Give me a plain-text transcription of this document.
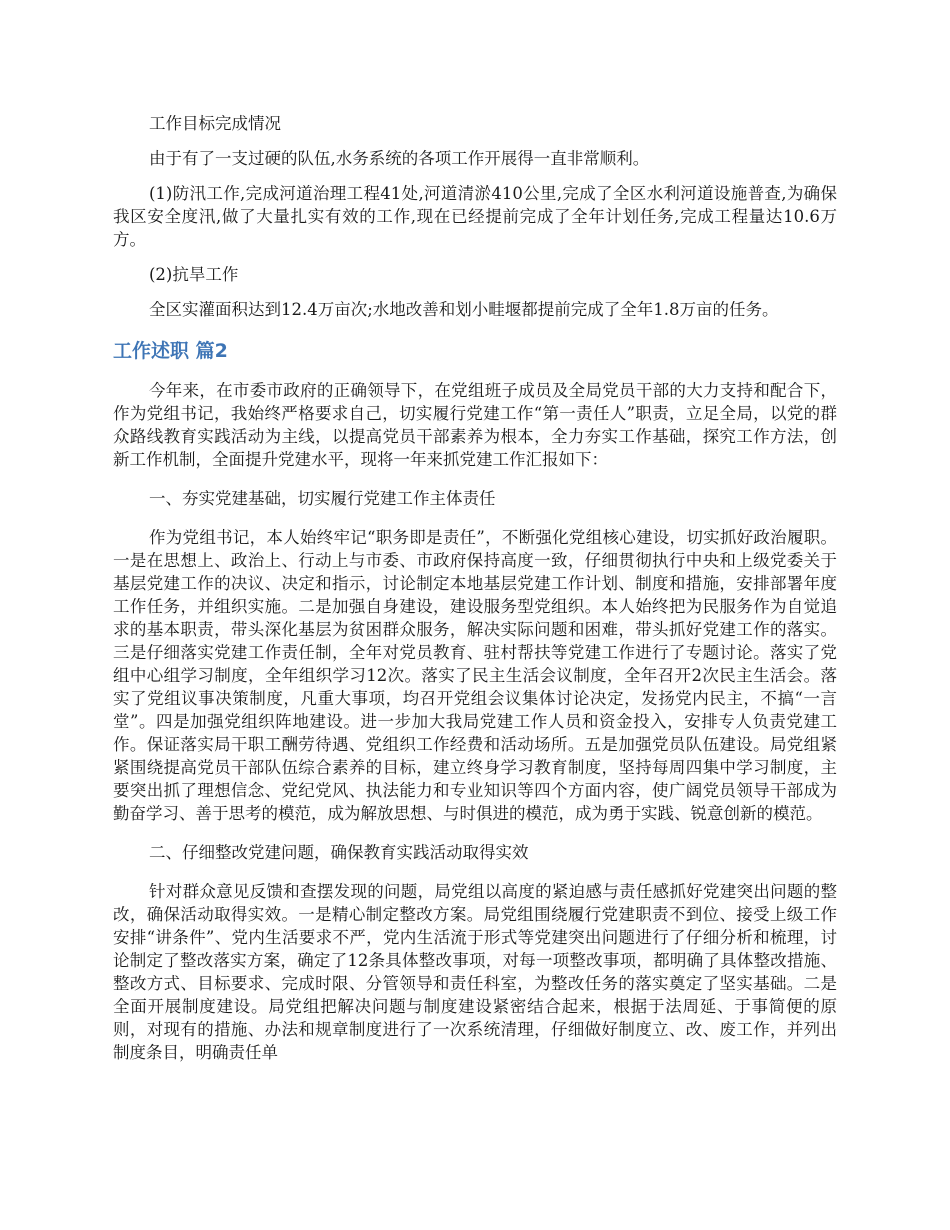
工作目标完成情况

由于有了一支过硬的队伍,水务系统的各项工作开展得一直非常顺利。

(1)防汛工作,完成河道治理工程41处,河道清淤410公里,完成了全区水利河道设施普查,为确保我区安全度汛,做了大量扎实有效的工作,现在已经提前完成了全年计划任务,完成工程量达10.6万方。

(2)抗旱工作

全区实灌面积达到12.4万亩次;水地改善和划小畦堰都提前完成了全年1.8万亩的任务。

工作述职 篇2

今年来，在市委市政府的正确领导下，在党组班子成员及全局党员干部的大力支持和配合下，作为党组书记，我始终严格要求自己，切实履行党建工作“第一责任人”职责，立足全局，以党的群众路线教育实践活动为主线，以提高党员干部素养为根本，全力夯实工作基础，探究工作方法，创新工作机制，全面提升党建水平，现将一年来抓党建工作汇报如下：

一、夯实党建基础，切实履行党建工作主体责任

作为党组书记，本人始终牢记“职务即是责任”，不断强化党组核心建设，切实抓好政治履职。一是在思想上、政治上、行动上与市委、市政府保持高度一致，仔细贯彻执行中央和上级党委关于基层党建工作的决议、决定和指示，讨论制定本地基层党建工作计划、制度和措施，安排部署年度工作任务，并组织实施。二是加强自身建设，建设服务型党组织。本人始终把为民服务作为自觉追求的基本职责，带头深化基层为贫困群众服务，解决实际问题和困难，带头抓好党建工作的落实。三是仔细落实党建工作责任制，全年对党员教育、驻村帮扶等党建工作进行了专题讨论。落实了党组中心组学习制度，全年组织学习12次。落实了民主生活会议制度，全年召开2次民主生活会。落实了党组议事决策制度，凡重大事项，均召开党组会议集体讨论决定，发扬党内民主，不搞“一言堂”。四是加强党组织阵地建设。进一步加大我局党建工作人员和资金投入，安排专人负责党建工作。保证落实局干职工酬劳待遇、党组织工作经费和活动场所。五是加强党员队伍建设。局党组紧紧围绕提高党员干部队伍综合素养的目标，建立终身学习教育制度，坚持每周四集中学习制度，主要突出抓了理想信念、党纪党风、执法能力和专业知识等四个方面内容，使广阔党员领导干部成为勤奋学习、善于思考的模范，成为解放思想、与时俱进的模范，成为勇于实践、锐意创新的模范。

二、仔细整改党建问题，确保教育实践活动取得实效

针对群众意见反馈和查摆发现的问题，局党组以高度的紧迫感与责任感抓好党建突出问题的整改，确保活动取得实效。一是精心制定整改方案。局党组围绕履行党建职责不到位、接受上级工作安排“讲条件”、党内生活要求不严，党内生活流于形式等党建突出问题进行了仔细分析和梳理，讨论制定了整改落实方案，确定了12条具体整改事项，对每一项整改事项，都明确了具体整改措施、整改方式、目标要求、完成时限、分管领导和责任科室，为整改任务的落实奠定了坚实基础。二是全面开展制度建设。局党组把解决问题与制度建设紧密结合起来，根据于法周延、于事简便的原则，对现有的措施、办法和规章制度进行了一次系统清理，仔细做好制度立、改、废工作，并列出制度条目，明确责任单
